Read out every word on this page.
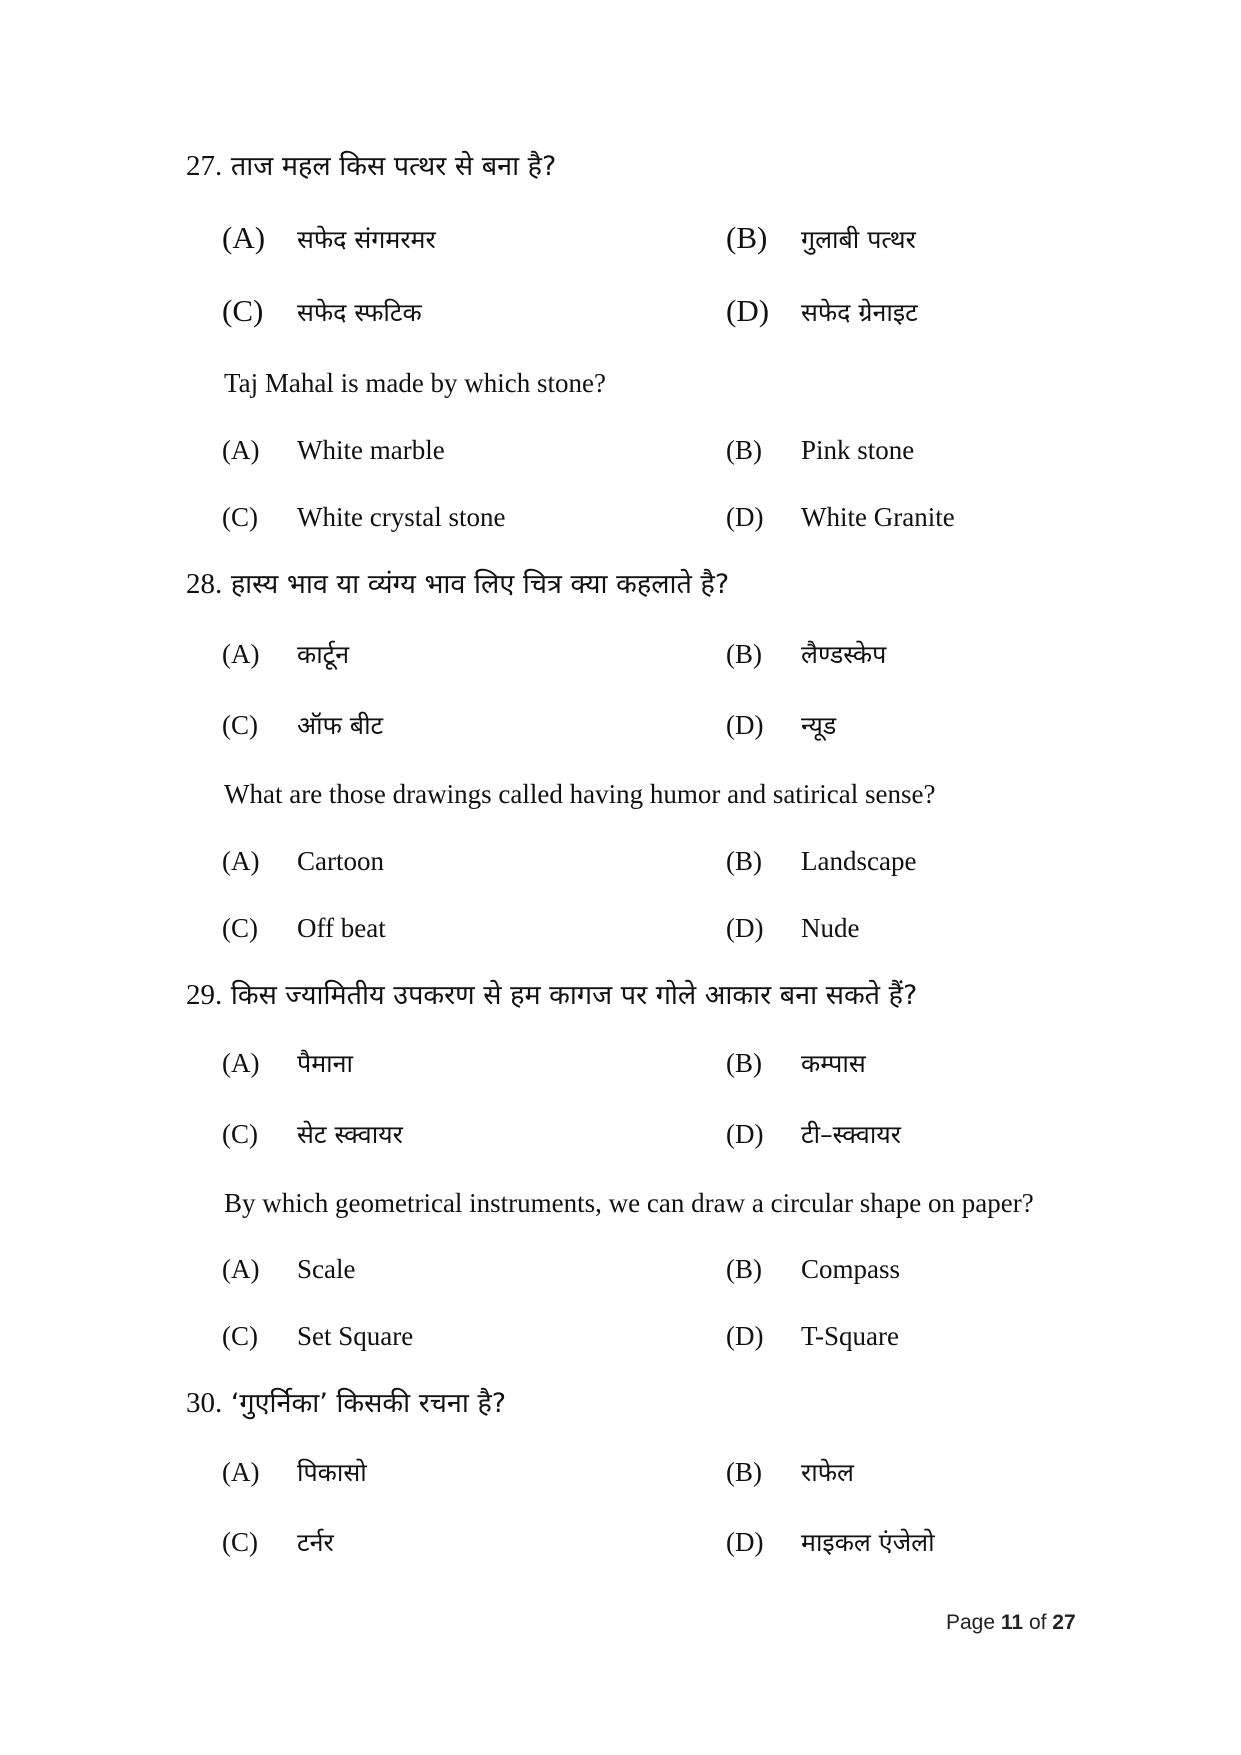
27. ताज महल किस पत्थर से बना है?
(A) सफेद संगमरमर	(B) गुलाबी पत्थर
(C) सफेद स्फटिक	(D) सफेद ग्रेनाइट
Taj Mahal is made by which stone?
(A) White marble	(B) Pink stone
(C) White crystal stone	(D) White Granite
28. हास्य भाव या व्यंग्य भाव लिए चित्र क्या कहलाते है?
(A) कार्टून	(B) लैण्डस्केप
(C) ऑफ बीट	(D) न्यूड
What are those drawings called having humor and satirical sense?
(A) Cartoon	(B) Landscape
(C) Off beat	(D) Nude
29. किस ज्यामितीय उपकरण से हम कागज पर गोले आकार बना सकते हैं?
(A) पैमाना	(B) कम्पास
(C) सेट स्क्वायर	(D) टी–स्क्वायर
By which geometrical instruments, we can draw a circular shape on paper?
(A) Scale	(B) Compass
(C) Set Square	(D) T-Square
30. ‘गुएर्निका’ किसकी रचना है?
(A) पिकासो	(B) राफेल
(C) टर्नर	(D) माइकल एंजेलो
Page 11 of 27
